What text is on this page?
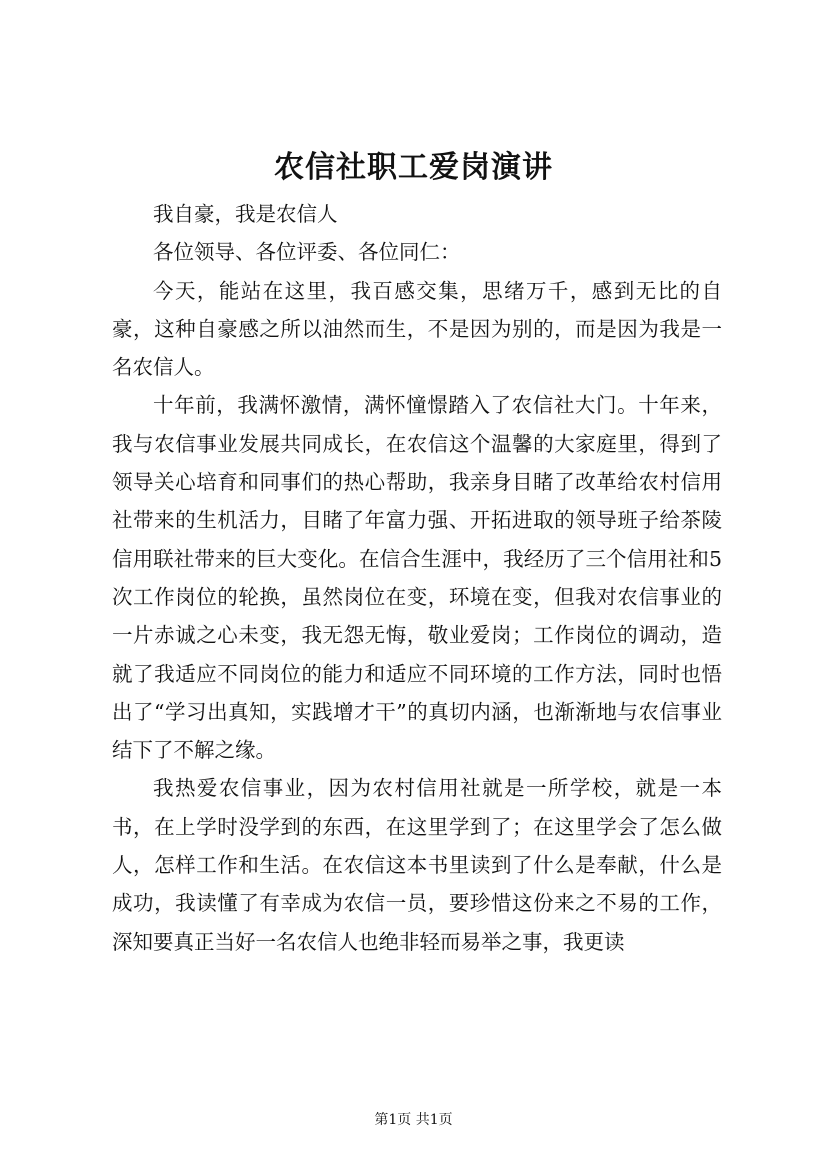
农信社职工爱岗演讲

我自豪，我是农信人

各位领导、各位评委、各位同仁：

今天，能站在这里，我百感交集，思绪万千，感到无比的自豪，这种自豪感之所以油然而生，不是因为别的，而是因为我是一名农信人。

十年前，我满怀激情，满怀憧憬踏入了农信社大门。十年来，我与农信事业发展共同成长，在农信这个温馨的大家庭里，得到了领导关心培育和同事们的热心帮助，我亲身目睹了改革给农村信用社带来的生机活力，目睹了年富力强、开拓进取的领导班子给茶陵信用联社带来的巨大变化。在信合生涯中，我经历了三个信用社和5次工作岗位的轮换，虽然岗位在变，环境在变，但我对农信事业的一片赤诚之心未变，我无怨无悔，敬业爱岗；工作岗位的调动，造就了我适应不同岗位的能力和适应不同环境的工作方法，同时也悟出了“学习出真知，实践增才干”的真切内涵，也渐渐地与农信事业结下了不解之缘。

我热爱农信事业，因为农村信用社就是一所学校，就是一本书，在上学时没学到的东西，在这里学到了；在这里学会了怎么做人，怎样工作和生活。在农信这本书里读到了什么是奉献，什么是成功，我读懂了有幸成为农信一员，要珍惜这份来之不易的工作，深知要真正当好一名农信人也绝非轻而易举之事，我更读

第1页 共1页
